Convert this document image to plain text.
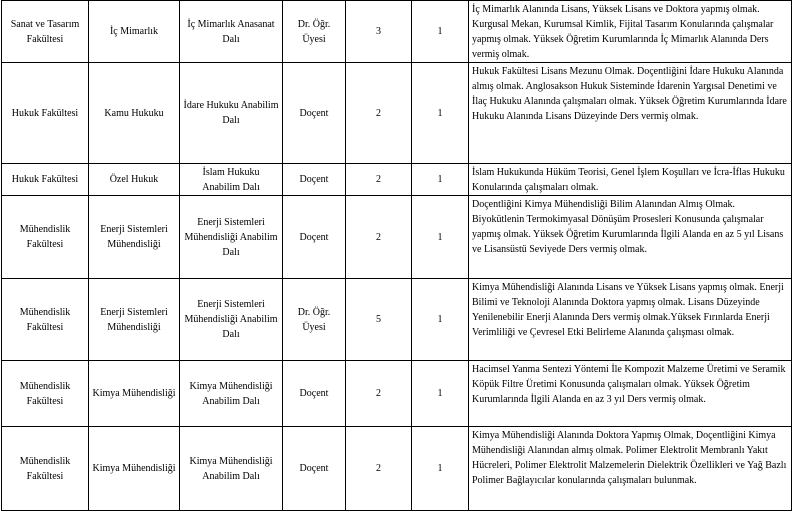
Sanat ve Tasarım Fakültesi	İç Mimarlık	İç Mimarlık Anasanat Dalı	Dr. Öğr. Üyesi	3	1	İç Mimarlık Alanında Lisans, Yüksek Lisans ve Doktora yapmış olmak. Kurgusal Mekan, Kurumsal Kimlik, Fijital Tasarım Konularında çalışmalar yapmış olmak. Yüksek Öğretim Kurumlarında İç Mimarlık Alanında Ders vermiş olmak.
Hukuk Fakültesi	Kamu Hukuku	İdare Hukuku Anabilim Dalı	Doçent	2	1	Hukuk Fakültesi Lisans Mezunu Olmak. Doçentliğini İdare Hukuku Alanında almış olmak. Anglosakson Hukuk Sisteminde İdarenin Yargısal Denetimi ve İlaç Hukuku Alanında çalışmaları olmak. Yüksek Öğretim Kurumlarında İdare Hukuku Alanında Lisans Düzeyinde Ders vermiş olmak.
Hukuk Fakültesi	Özel Hukuk	İslam Hukuku Anabilim Dalı	Doçent	2	1	İslam Hukukunda Hüküm Teorisi, Genel İşlem Koşulları ve İcra-İflas Hukuku Konularında çalışmaları olmak.
Mühendislik Fakültesi	Enerji Sistemleri Mühendisliği	Enerji Sistemleri Mühendisliği Anabilim Dalı	Doçent	2	1	Doçentliğini Kimya Mühendisliği Bilim Alanından Almış Olmak. Biyokütlenin Termokimyasal Dönüşüm Prosesleri Konusunda çalışmalar yapmış olmak. Yüksek Öğretim Kurumlarında İlgili Alanda en az 5 yıl Lisans ve Lisansüstü Seviyede Ders vermiş olmak.
Mühendislik Fakültesi	Enerji Sistemleri Mühendisliği	Enerji Sistemleri Mühendisliği Anabilim Dalı	Dr. Öğr. Üyesi	5	1	Kimya Mühendisliği Alanında Lisans ve Yüksek Lisans yapmış olmak. Enerji Bilimi ve Teknoloji Alanında Doktora yapmış olmak. Lisans Düzeyinde Yenilenebilir Enerji Alanında Ders vermiş olmak.Yüksek Fırınlarda Enerji Verimliliği ve Çevresel Etki Belirleme Alanında çalışması olmak.
Mühendislik Fakültesi	Kimya Mühendisliği	Kimya Mühendisliği Anabilim Dalı	Doçent	2	1	Hacimsel Yanma Sentezi Yöntemi İle Kompozit Malzeme Üretimi ve Seramik Köpük Filtre Üretimi Konusunda çalışmaları olmak. Yüksek Öğretim Kurumlarında İlgili Alanda en az 3 yıl Ders vermiş olmak.
Mühendislik Fakültesi	Kimya Mühendisliği	Kimya Mühendisliği Anabilim Dalı	Doçent	2	1	Kimya Mühendisliği Alanında Doktora Yapmış Olmak, Doçentliğini Kimya Mühendisliği Alanından almış olmak. Polimer Elektrolit Membranlı Yakıt Hücreleri, Polimer Elektrolit Malzemelerin Dielektrik Özellikleri ve Yağ Bazlı Polimer Bağlayıcılar konularında çalışmaları bulunmak.
